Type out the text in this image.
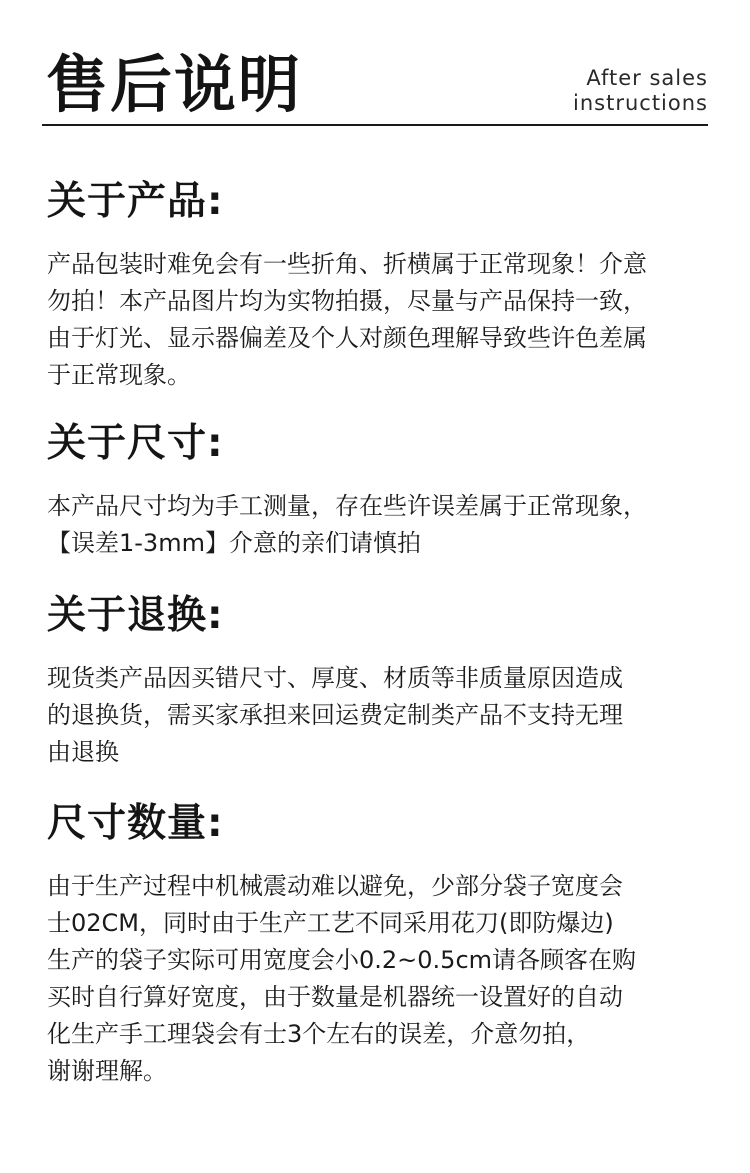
售后说明	After sales
instructions
关于产品:

产品包装时难免会有一些折角、折横属于正常现象！介意
勿拍！本产品图片均为实物拍摄，尽量与产品保持一致，
由于灯光、显示器偏差及个人对颜色理解导致些许色差属
于正常现象。

关于尺寸:

本产品尺寸均为手工测量，存在些许误差属于正常现象，
【误差1-3mm】介意的亲们请慎拍

关于退换:

现货类产品因买错尺寸、厚度、材质等非质量原因造成
的退换货，需买家承担来回运费定制类产品不支持无理
由退换

尺寸数量:

由于生产过程中机械震动难以避免，少部分袋子宽度会
士02CM，同时由于生产工艺不同采用花刀(即防爆边)
生产的袋子实际可用宽度会小0.2~0.5cm请各顾客在购
买时自行算好宽度，由于数量是机器统一设置好的自动
化生产手工理袋会有士3个左右的误差，介意勿拍，
谢谢理解。
